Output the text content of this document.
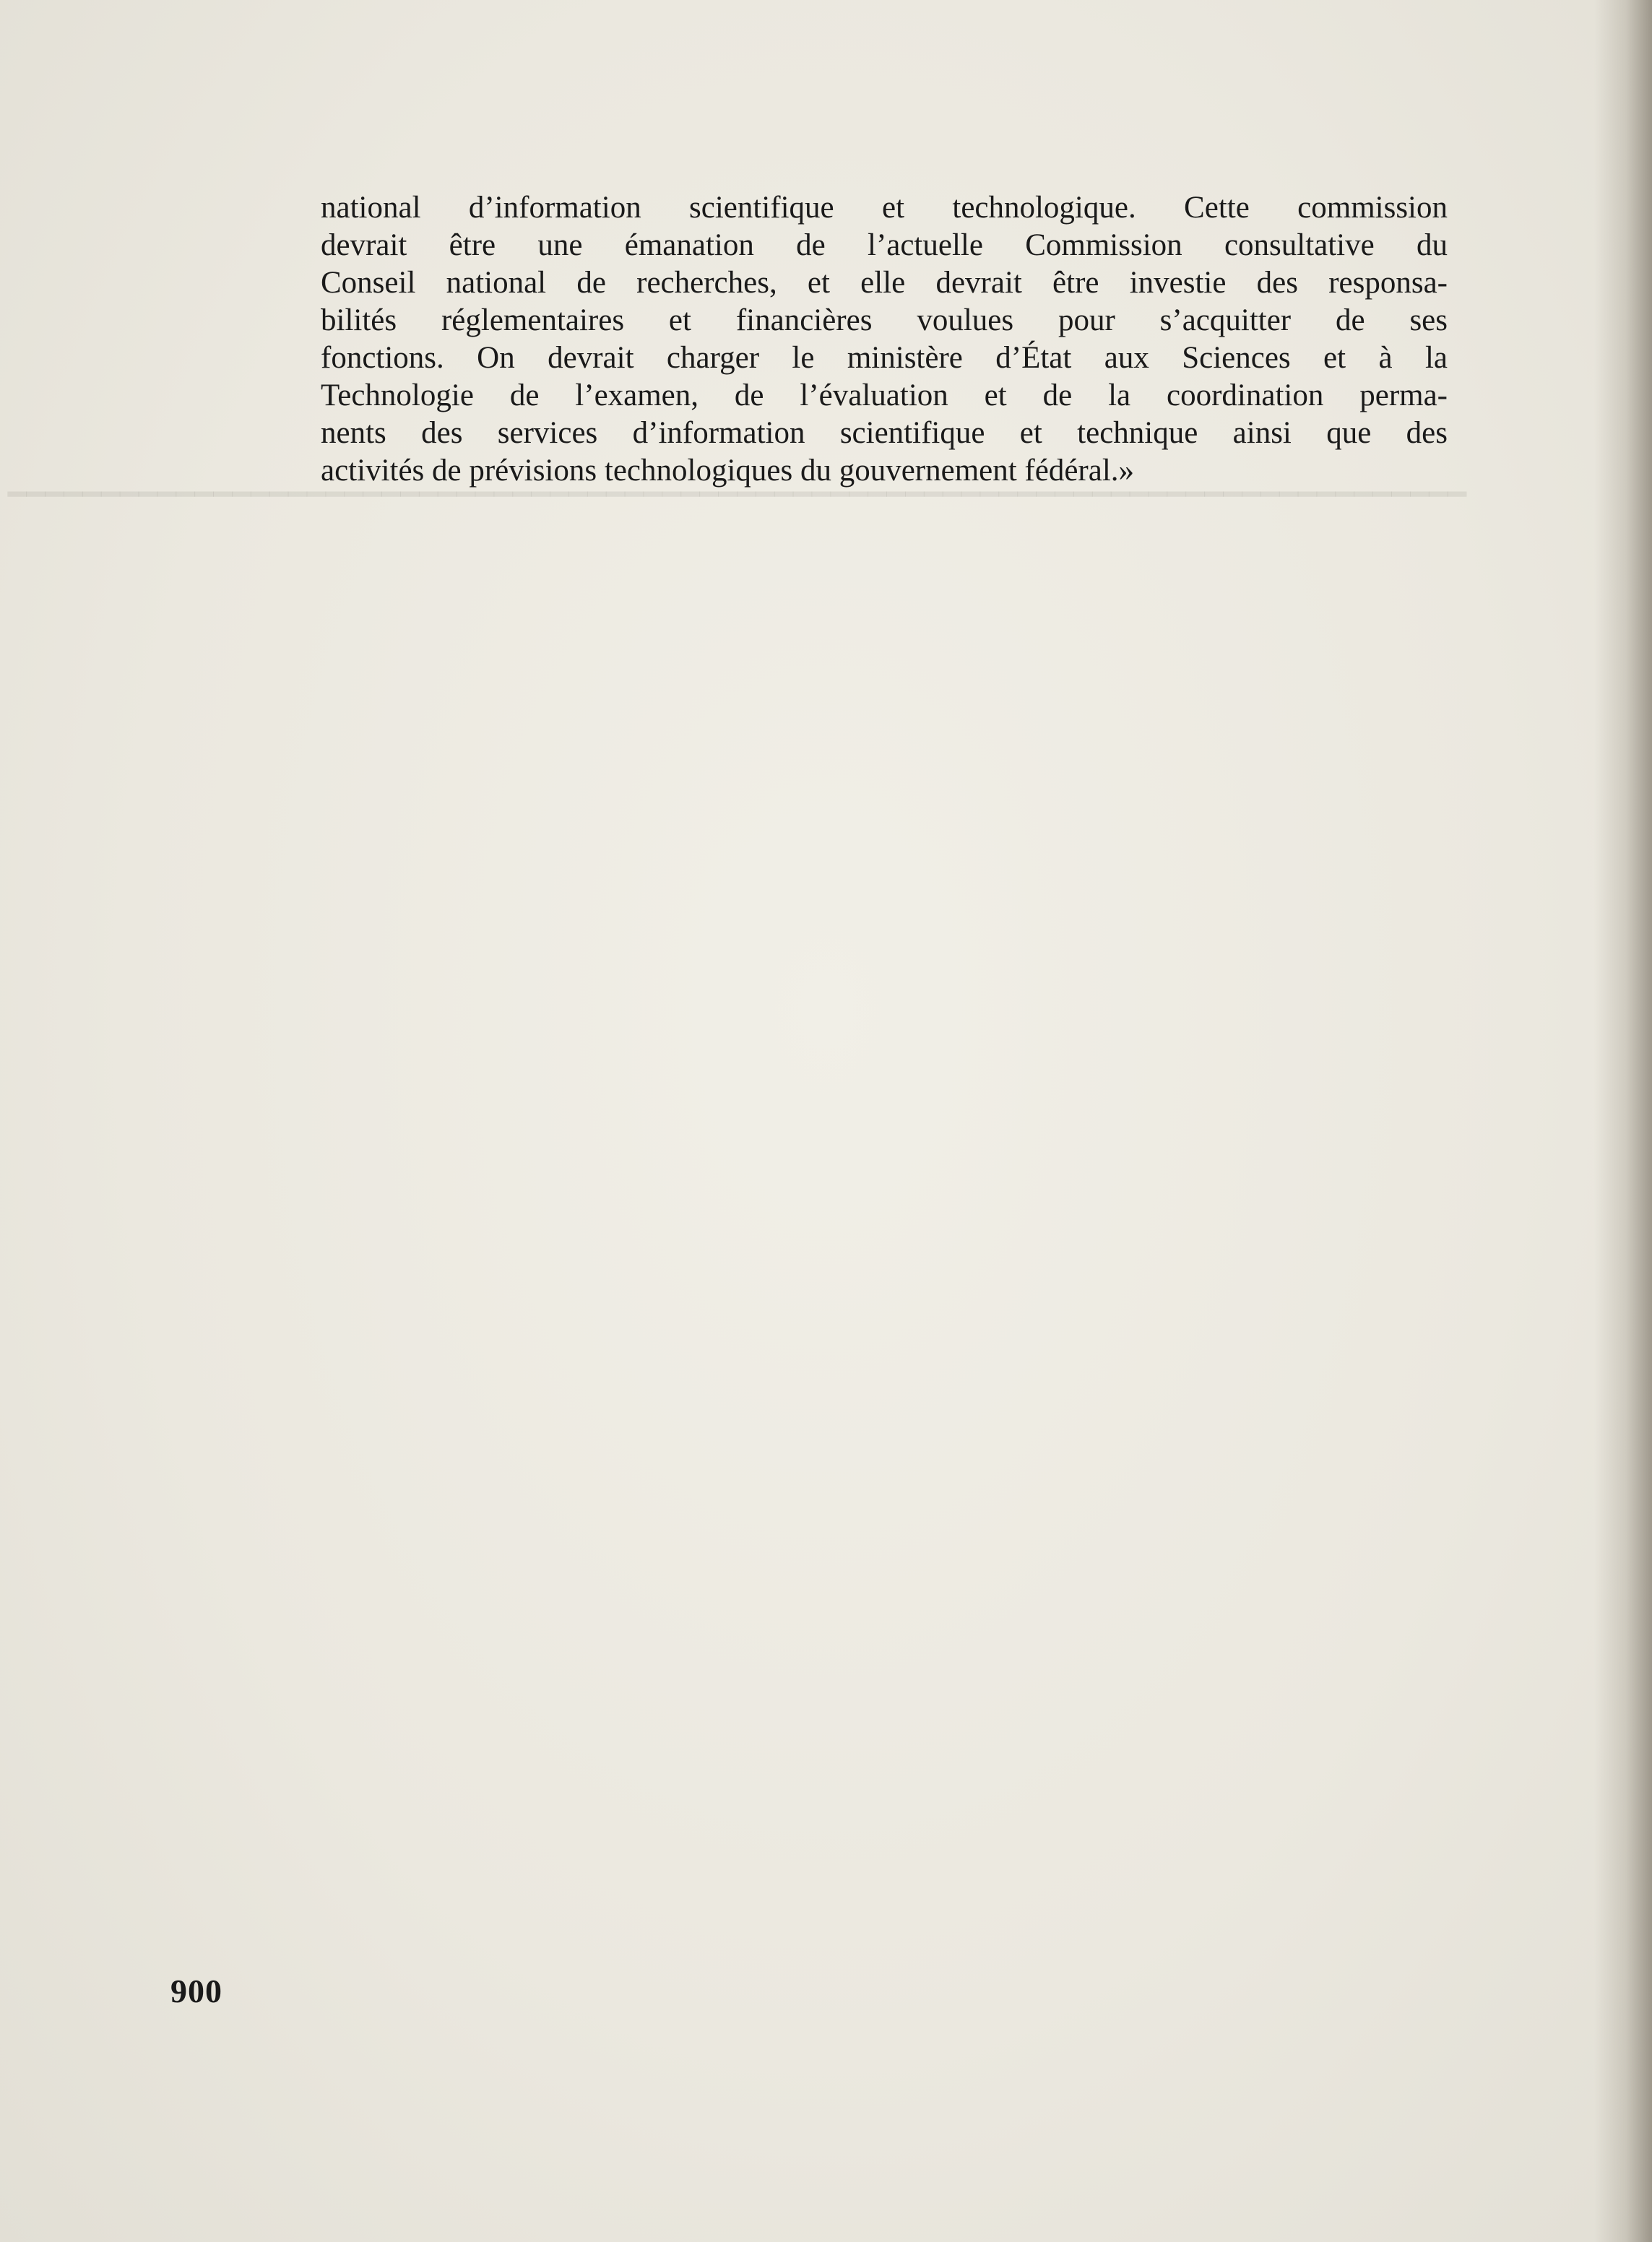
━━━━━━━━━━━━━━━━━━━━━━━━━━━━━━━━━━━━━━━━━━━━━━━━━━━━━━━━━━━━━━━━━━━━━━━━━━━━━━
national d’information scientifique et technologique. Cette commission
devrait être une émanation de l’actuelle Commission consultative du
Conseil national de recherches, et elle devrait être investie des responsa-
bilités réglementaires et financières voulues pour s’acquitter de ses
fonctions. On devrait charger le ministère d’État aux Sciences et à la
Technologie de l’examen, de l’évaluation et de la coordination perma-
nents des services d’information scientifique et technique ainsi que des
activités de prévisions technologiques du gouvernement fédéral.»

900
